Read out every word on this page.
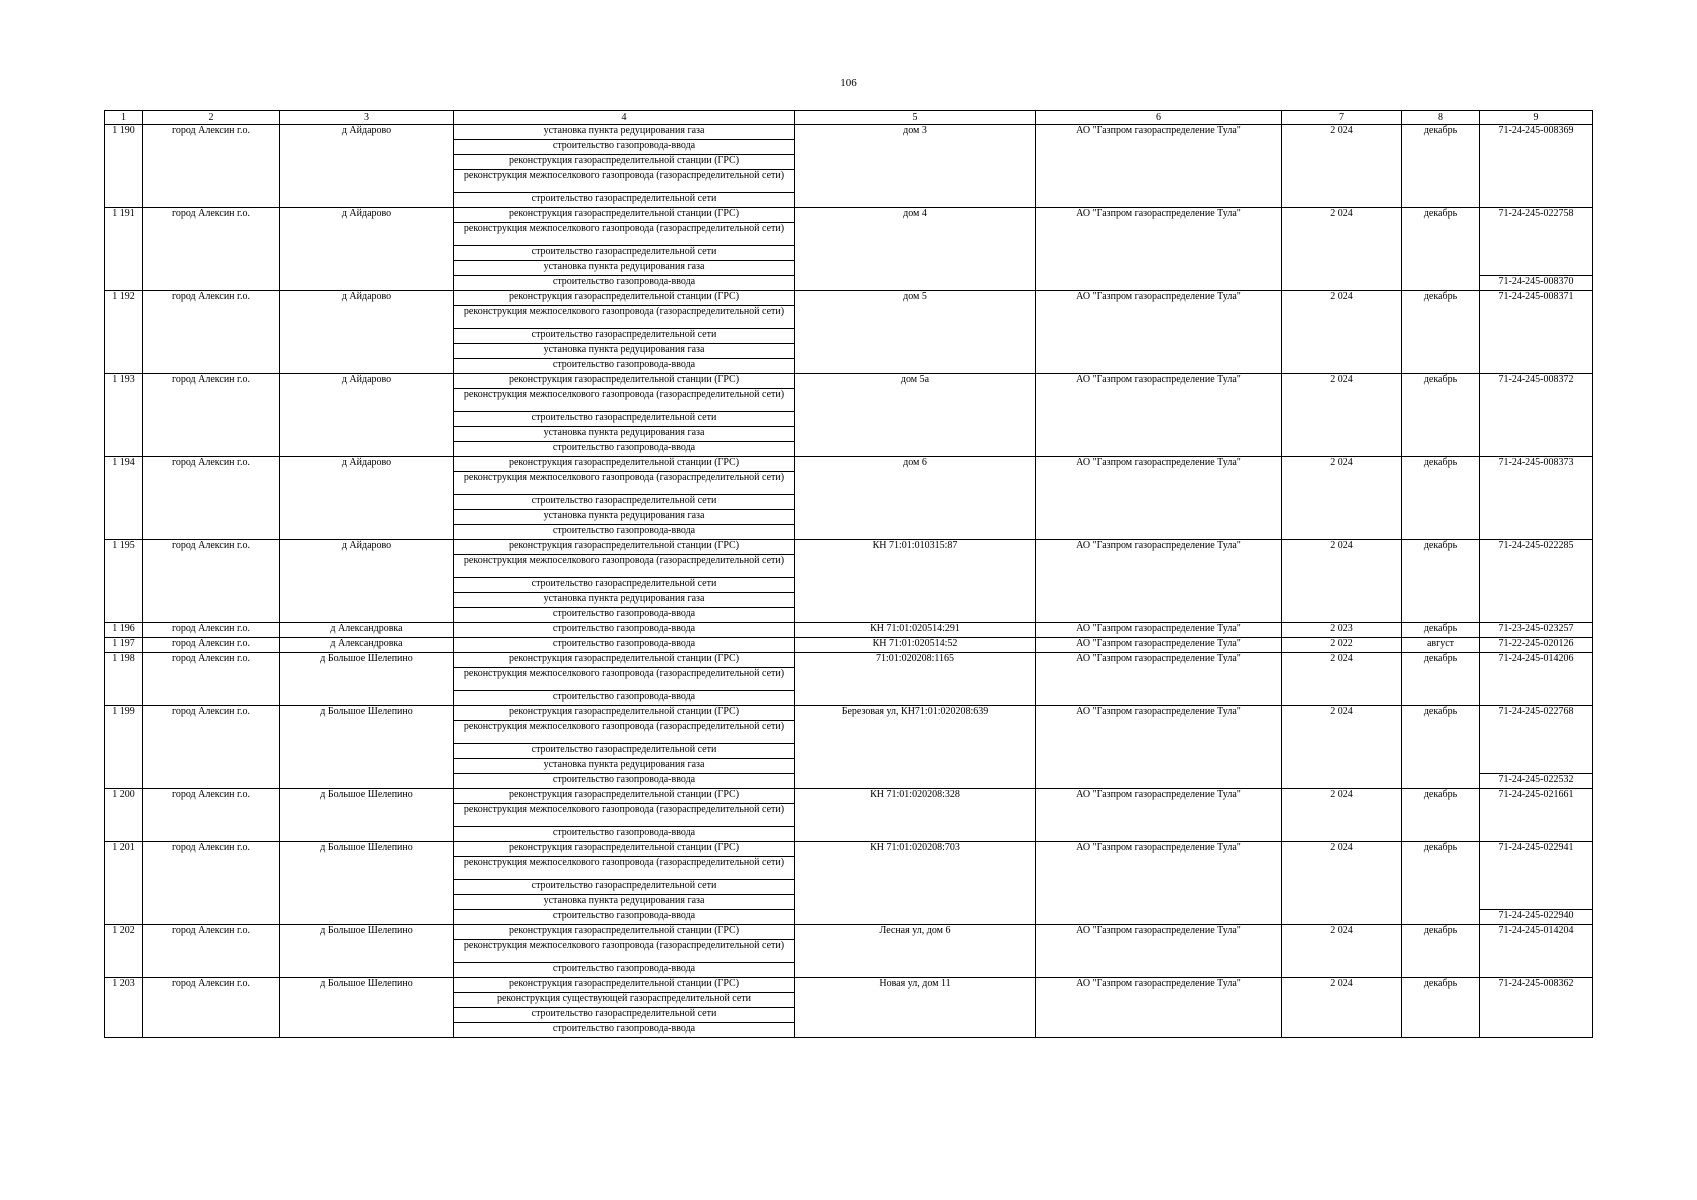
106
1	2	3	4	5	6	7	8	9
1 190	город Алексин г.о.	д Айдарово	установка пункта редуцирования газа	дом 3	АО "Газпром газораспределение Тула"	2 024	декабрь	71-24-245-008369
			строительство газопровода-ввода					
			реконструкция газораспределительной станции (ГРС)					
			реконструкция межпоселкового газопровода (газораспределительной сети)					
			строительство газораспределительной сети					
1 191	город Алексин г.о.	д Айдарово	реконструкция газораспределительной станции (ГРС)	дом 4	АО "Газпром газораспределение Тула"	2 024	декабрь	71-24-245-022758
			реконструкция межпоселкового газопровода (газораспределительной сети)					
			строительство газораспределительной сети					
			установка пункта редуцирования газа					
			строительство газопровода-ввода					71-24-245-008370
1 192	город Алексин г.о.	д Айдарово	реконструкция газораспределительной станции (ГРС)	дом 5	АО "Газпром газораспределение Тула"	2 024	декабрь	71-24-245-008371
			реконструкция межпоселкового газопровода (газораспределительной сети)					
			строительство газораспределительной сети					
			установка пункта редуцирования газа					
			строительство газопровода-ввода					
1 193	город Алексин г.о.	д Айдарово	реконструкция газораспределительной станции (ГРС)	дом 5а	АО "Газпром газораспределение Тула"	2 024	декабрь	71-24-245-008372
			реконструкция межпоселкового газопровода (газораспределительной сети)					
			строительство газораспределительной сети					
			установка пункта редуцирования газа					
			строительство газопровода-ввода					
1 194	город Алексин г.о.	д Айдарово	реконструкция газораспределительной станции (ГРС)	дом 6	АО "Газпром газораспределение Тула"	2 024	декабрь	71-24-245-008373
			реконструкция межпоселкового газопровода (газораспределительной сети)					
			строительство газораспределительной сети					
			установка пункта редуцирования газа					
			строительство газопровода-ввода					
1 195	город Алексин г.о.	д Айдарово	реконструкция газораспределительной станции (ГРС)	КН 71:01:010315:87	АО "Газпром газораспределение Тула"	2 024	декабрь	71-24-245-022285
			реконструкция межпоселкового газопровода (газораспределительной сети)					
			строительство газораспределительной сети					
			установка пункта редуцирования газа					
			строительство газопровода-ввода					
1 196	город Алексин г.о.	д Александровка	строительство газопровода-ввода	КН 71:01:020514:291	АО "Газпром газораспределение Тула"	2 023	декабрь	71-23-245-023257
1 197	город Алексин г.о.	д Александровка	строительство газопровода-ввода	КН 71:01:020514:52	АО "Газпром газораспределение Тула"	2 022	август	71-22-245-020126
1 198	город Алексин г.о.	д Большое Шелепино	реконструкция газораспределительной станции (ГРС)	71:01:020208:1165	АО "Газпром газораспределение Тула"	2 024	декабрь	71-24-245-014206
			реконструкция межпоселкового газопровода (газораспределительной сети)					
			строительство газопровода-ввода					
1 199	город Алексин г.о.	д Большое Шелепино	реконструкция газораспределительной станции (ГРС)	Березовая ул, КН71:01:020208:639	АО "Газпром газораспределение Тула"	2 024	декабрь	71-24-245-022768
			реконструкция межпоселкового газопровода (газораспределительной сети)					
			строительство газораспределительной сети					
			установка пункта редуцирования газа					
			строительство газопровода-ввода					71-24-245-022532
1 200	город Алексин г.о.	д Большое Шелепино	реконструкция газораспределительной станции (ГРС)	КН 71:01:020208:328	АО "Газпром газораспределение Тула"	2 024	декабрь	71-24-245-021661
			реконструкция межпоселкового газопровода (газораспределительной сети)					
			строительство газопровода-ввода					
1 201	город Алексин г.о.	д Большое Шелепино	реконструкция газораспределительной станции (ГРС)	КН 71:01:020208:703	АО "Газпром газораспределение Тула"	2 024	декабрь	71-24-245-022941
			реконструкция межпоселкового газопровода (газораспределительной сети)					
			строительство газораспределительной сети					
			установка пункта редуцирования газа					
			строительство газопровода-ввода					71-24-245-022940
1 202	город Алексин г.о.	д Большое Шелепино	реконструкция газораспределительной станции (ГРС)	Лесная ул, дом 6	АО "Газпром газораспределение Тула"	2 024	декабрь	71-24-245-014204
			реконструкция межпоселкового газопровода (газораспределительной сети)					
			строительство газопровода-ввода					
1 203	город Алексин г.о.	д Большое Шелепино	реконструкция газораспределительной станции (ГРС)	Новая ул, дом 11	АО "Газпром газораспределение Тула"	2 024	декабрь	71-24-245-008362
			реконструкция существующей газораспределительной сети					
			строительство газораспределительной сети					
			строительство газопровода-ввода					
